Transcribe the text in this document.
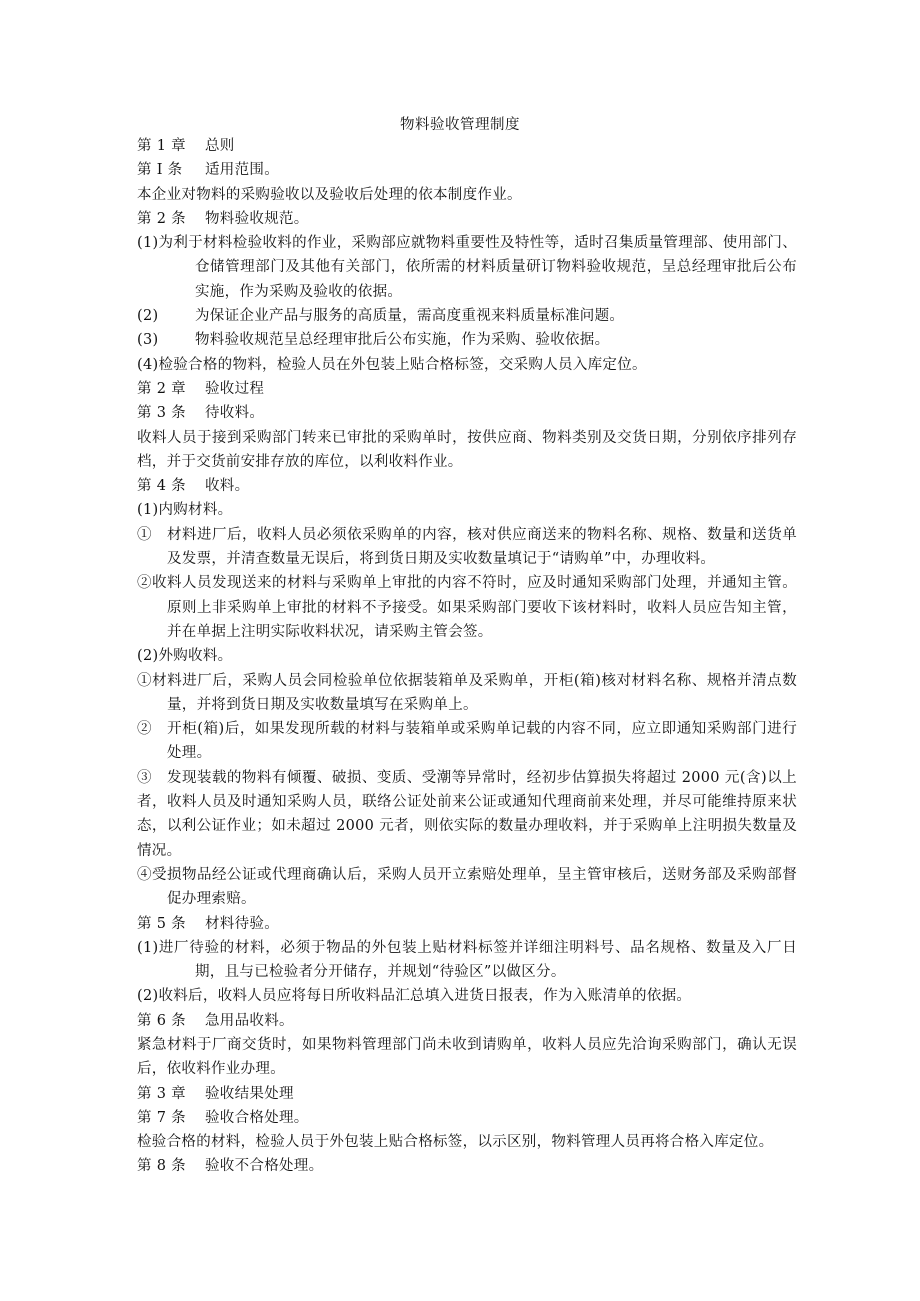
物料验收管理制度
第 1 章 总则
第 I 条 适用范围。
本企业对物料的采购验收以及验收后处理的依本制度作业。
第 2 条 物料验收规范。
(1)为利于材料检验收料的作业，采购部应就物料重要性及特性等，适时召集质量管理部、使用部门、仓储管理部门及其他有关部门，依所需的材料质量研订物料验收规范，呈总经理审批后公布实施，作为采购及验收的依据。
(2)	为保证企业产品与服务的高质量，需高度重视来料质量标准问题。
(3)	物料验收规范呈总经理审批后公布实施，作为采购、验收依据。
(4)检验合格的物料，检验人员在外包装上贴合格标签，交采购人员入库定位。
第 2 章 验收过程
第 3 条 待收料。
收料人员于接到采购部门转来已审批的采购单时，按供应商、物料类别及交货日期，分别依序排列存档，并于交货前安排存放的库位，以利收料作业。
第 4 条 收料。
(1)内购材料。
①　材料进厂后，收料人员必须依采购单的内容，核对供应商送来的物料名称、规格、数量和送货单及发票，并清查数量无误后，将到货日期及实收数量填记于“请购单”中，办理收料。
②收料人员发现送来的材料与采购单上审批的内容不符时，应及时通知采购部门处理，并通知主管。原则上非采购单上审批的材料不予接受。如果采购部门要收下该材料时，收料人员应告知主管，并在单据上注明实际收料状况，请采购主管会签。
(2)外购收料。
①材料进厂后，采购人员会同检验单位依据装箱单及采购单，开柜(箱)核对材料名称、规格并清点数量，并将到货日期及实收数量填写在采购单上。
②　开柜(箱)后，如果发现所载的材料与装箱单或采购单记载的内容不同，应立即通知采购部门进行处理。
③　发现装载的物料有倾覆、破损、变质、受潮等异常时，经初步估算损失将超过 2000 元(含)以上者，收料人员及时通知采购人员，联络公证处前来公证或通知代理商前来处理，并尽可能维持原来状态，以利公证作业；如未超过 2000 元者，则依实际的数量办理收料，并于采购单上注明损失数量及情况。
④受损物品经公证或代理商确认后，采购人员开立索赔处理单，呈主管审核后，送财务部及采购部督促办理索赔。
第 5 条 材料待验。
(1)进厂待验的材料，必须于物品的外包装上贴材料标签并详细注明料号、品名规格、数量及入厂日期，且与已检验者分开储存，并规划“待验区”以做区分。
(2)收料后，收料人员应将每日所收料品汇总填入进货日报表，作为入账清单的依据。
第 6 条 急用品收料。
紧急材料于厂商交货时，如果物料管理部门尚未收到请购单，收料人员应先洽询采购部门，确认无误后，依收料作业办理。
第 3 章 验收结果处理
第 7 条 验收合格处理。
检验合格的材料，检验人员于外包装上贴合格标签，以示区别，物料管理人员再将合格入库定位。
第 8 条 验收不合格处理。
